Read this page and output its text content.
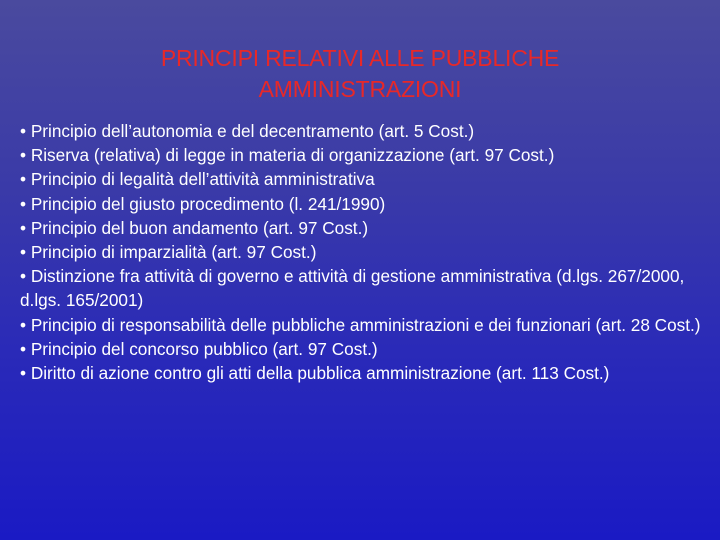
PRINCIPI RELATIVI ALLE PUBBLICHE
AMMINISTRAZIONI
• Principio dell’autonomia e del decentramento (art. 5 Cost.)
• Riserva (relativa) di legge in materia di organizzazione (art. 97 Cost.)
• Principio di legalità dell’attività amministrativa
• Principio del giusto procedimento (l. 241/1990)
• Principio del buon andamento (art. 97 Cost.)
• Principio di imparzialità (art. 97 Cost.)
• Distinzione fra attività di governo e attività di gestione amministrativa (d.lgs. 267/2000, d.lgs. 165/2001)
• Principio di responsabilità delle pubbliche amministrazioni e dei funzionari (art. 28 Cost.)
• Principio del concorso pubblico (art. 97 Cost.)
• Diritto di azione contro gli atti della pubblica amministrazione (art. 113 Cost.)
